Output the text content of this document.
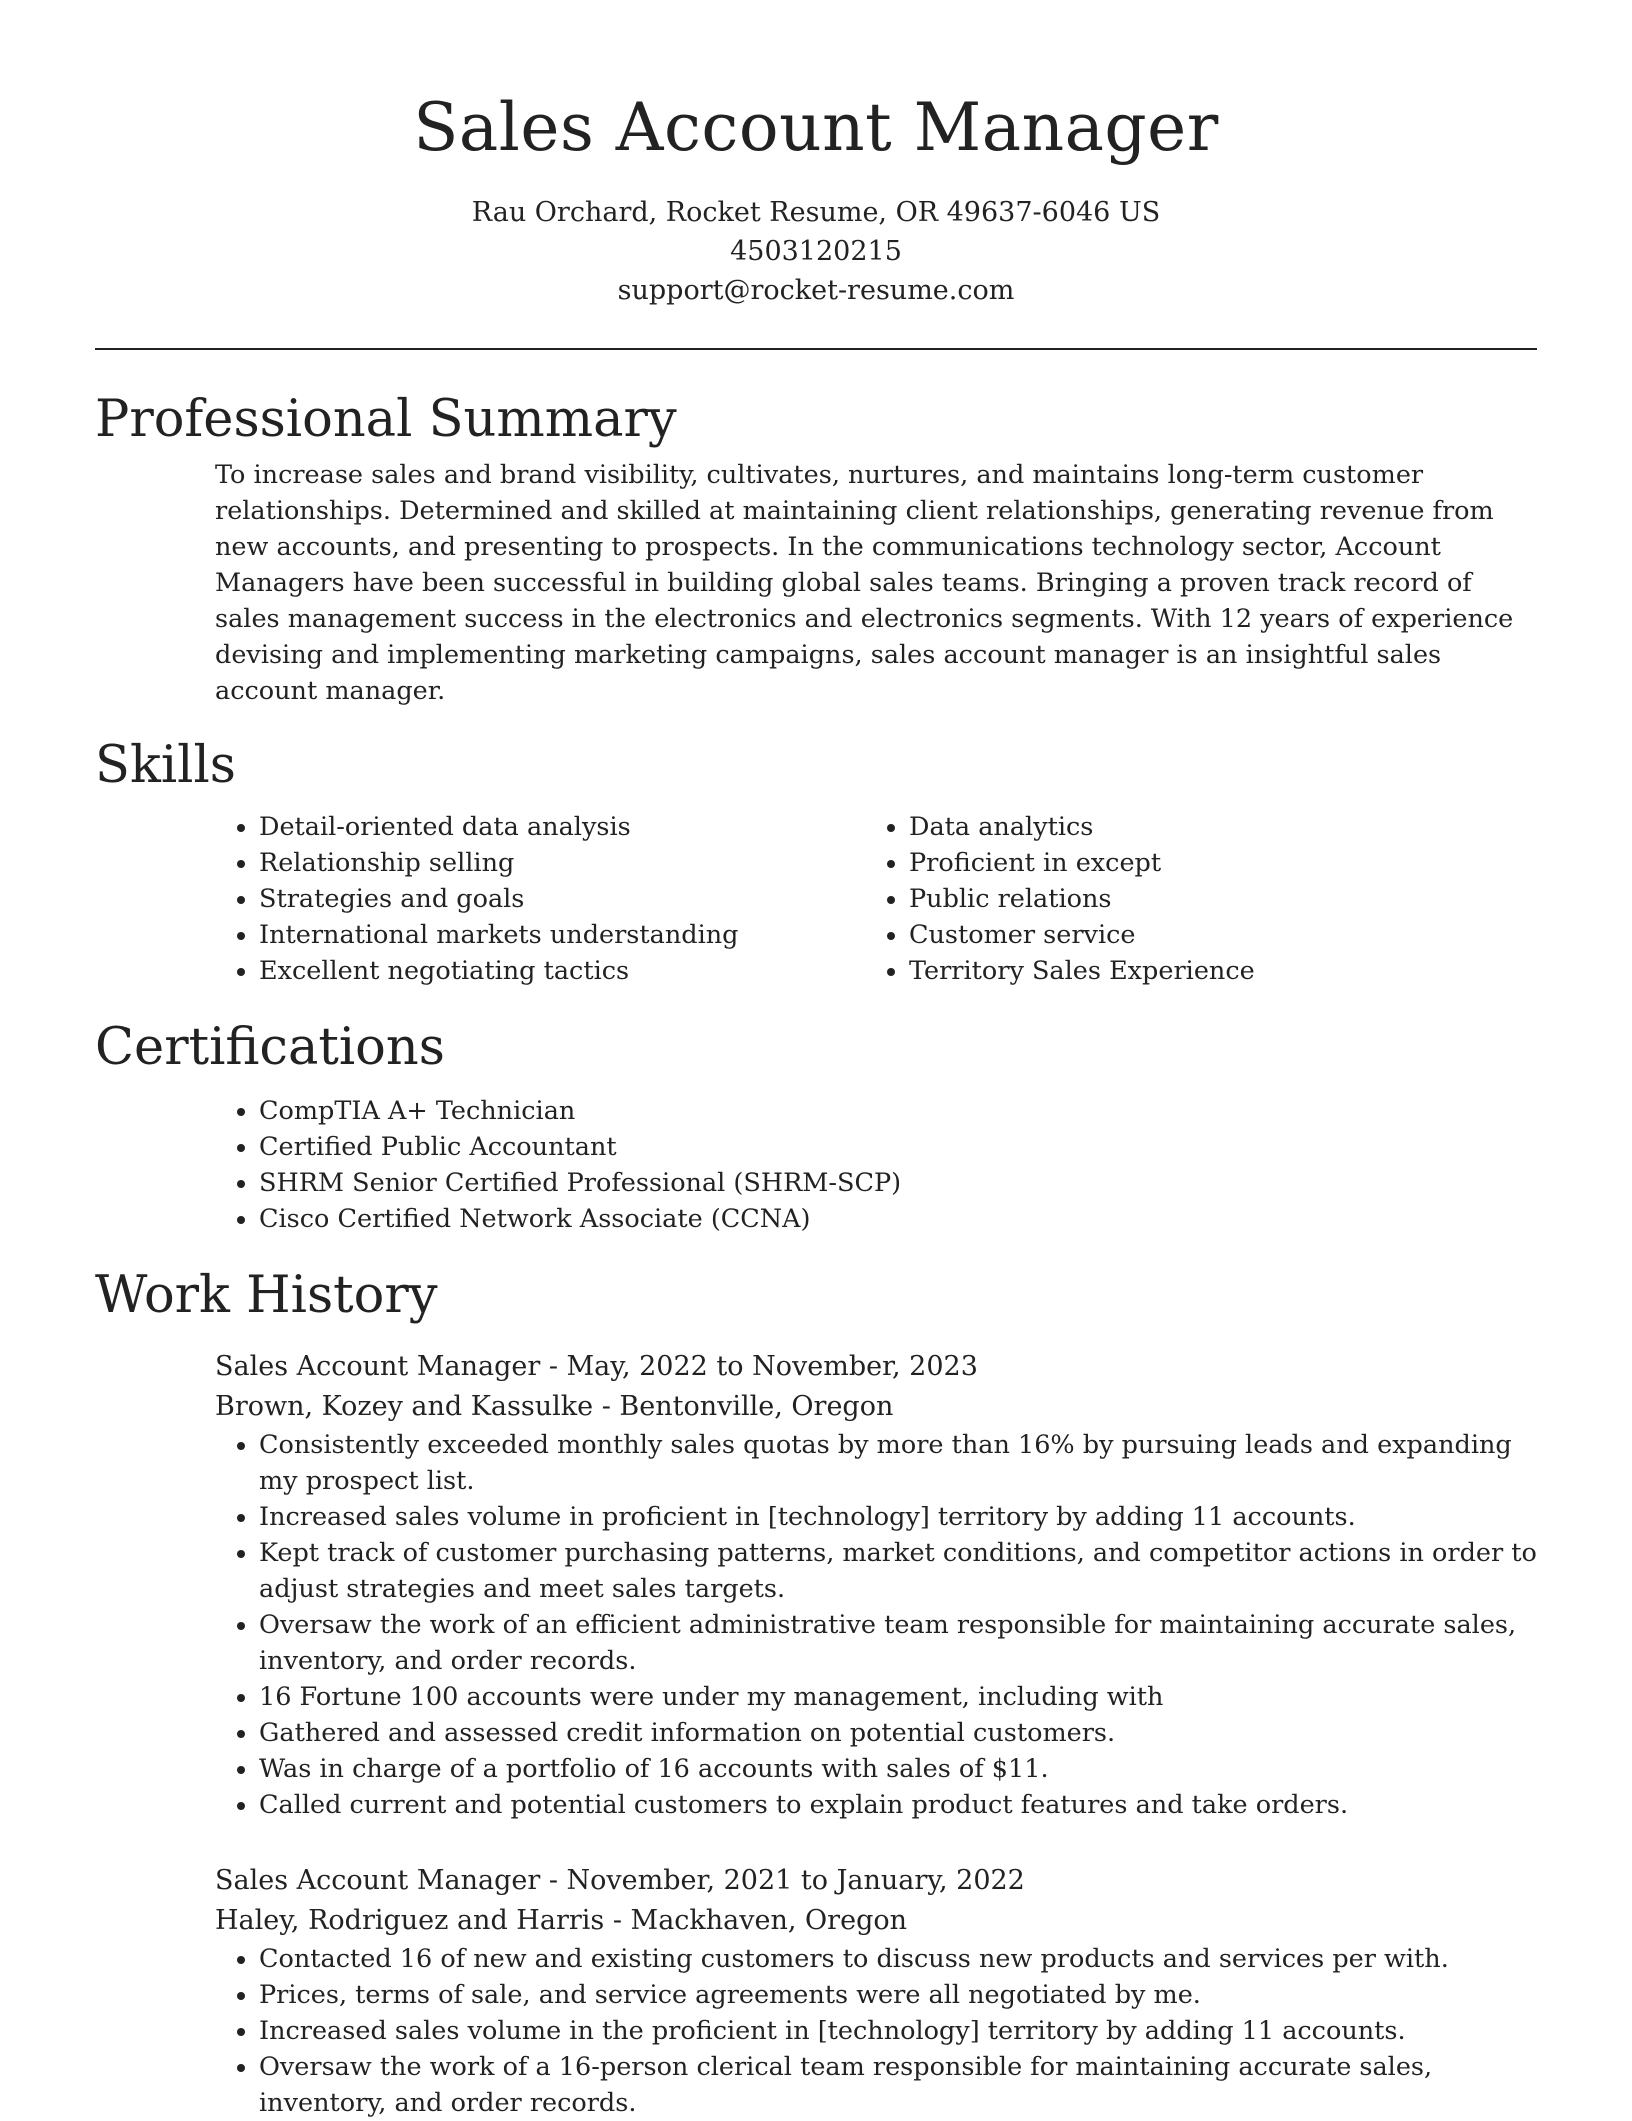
Sales Account Manager
Rau Orchard, Rocket Resume, OR 49637-6046 US
4503120215
support@rocket-resume.com
Professional Summary

To increase sales and brand visibility, cultivates, nurtures, and maintains long-term customer relationships. Determined and skilled at maintaining client relationships, generating revenue from new accounts, and presenting to prospects. In the communications technology sector, Account Managers have been successful in building global sales teams. Bringing a proven track record of sales management success in the electronics and electronics segments. With 12 years of experience devising and implementing marketing campaigns, sales account manager is an insightful sales account manager.

Skills
• Detail-oriented data analysis
• Relationship selling
• Strategies and goals
• International markets understanding
• Excellent negotiating tactics
• Data analytics
• Proficient in except
• Public relations
• Customer service
• Territory Sales Experience
Certifications
• CompTIA A+ Technician
• Certified Public Accountant
• SHRM Senior Certified Professional (SHRM-SCP)
• Cisco Certified Network Associate (CCNA)
Work History
Sales Account Manager - May, 2022 to November, 2023
Brown, Kozey and Kassulke - Bentonville, Oregon
• Consistently exceeded monthly sales quotas by more than 16% by pursuing leads and expanding my prospect list.
• Increased sales volume in proficient in [technology] territory by adding 11 accounts.
• Kept track of customer purchasing patterns, market conditions, and competitor actions in order to adjust strategies and meet sales targets.
• Oversaw the work of an efficient administrative team responsible for maintaining accurate sales, inventory, and order records.
• 16 Fortune 100 accounts were under my management, including with
• Gathered and assessed credit information on potential customers.
• Was in charge of a portfolio of 16 accounts with sales of $11.
• Called current and potential customers to explain product features and take orders.
Sales Account Manager - November, 2021 to January, 2022
Haley, Rodriguez and Harris - Mackhaven, Oregon
• Contacted 16 of new and existing customers to discuss new products and services per with.
• Prices, terms of sale, and service agreements were all negotiated by me.
• Increased sales volume in the proficient in [technology] territory by adding 11 accounts.
• Oversaw the work of a 16-person clerical team responsible for maintaining accurate sales, inventory, and order records.
